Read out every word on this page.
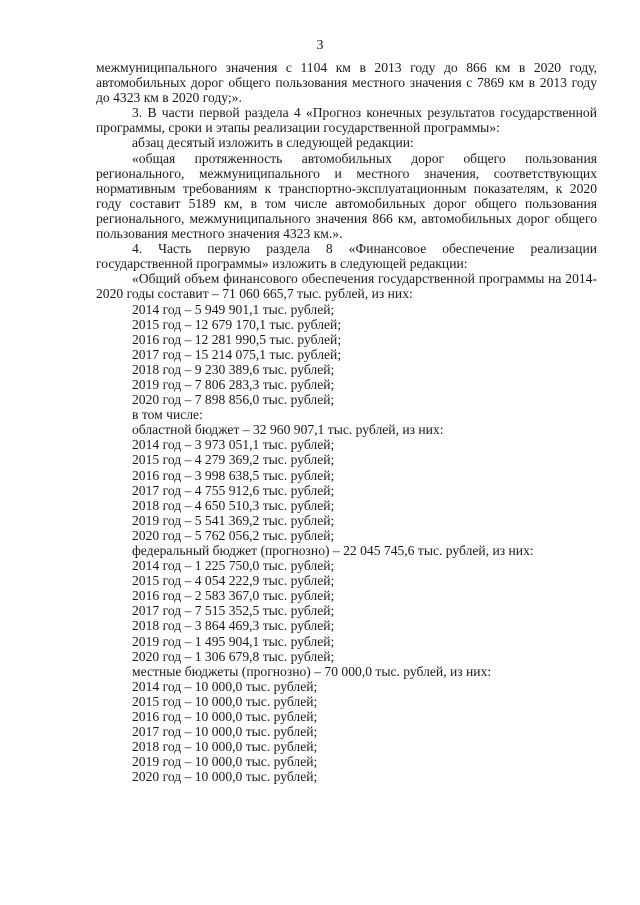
3

межмуниципального значения с 1104 км в 2013 году до 866 км в 2020 году, автомобильных дорог общего пользования местного значения с 7869 км в 2013 году до 4323 км в 2020 году;».

3. В части первой раздела 4 «Прогноз конечных результатов государственной программы, сроки и этапы реализации государственной программы»:

абзац десятый изложить в следующей редакции:

«общая протяженность автомобильных дорог общего пользования регионального, межмуниципального и местного значения, соответствующих нормативным требованиям к транспортно-эксплуатационным показателям, к 2020 году составит 5189 км, в том числе автомобильных дорог общего пользования регионального, межмуниципального значения 866 км, автомобильных дорог общего пользования местного значения 4323 км.».

4. Часть первую раздела 8 «Финансовое обеспечение реализации государственной программы» изложить в следующей редакции:

«Общий объем финансового обеспечения государственной программы на 2014-2020 годы составит – 71 060 665,7 тыс. рублей, из них:

2014 год – 5 949 901,1 тыс. рублей;

2015 год – 12 679 170,1 тыс. рублей;

2016 год – 12 281 990,5 тыс. рублей;

2017 год – 15 214 075,1 тыс. рублей;

2018 год – 9 230 389,6 тыс. рублей;

2019 год – 7 806 283,3 тыс. рублей;

2020 год – 7 898 856,0 тыс. рублей;

в том числе:

областной бюджет – 32 960 907,1 тыс. рублей, из них:

2014 год – 3 973 051,1 тыс. рублей;

2015 год – 4 279 369,2 тыс. рублей;

2016 год – 3 998 638,5 тыс. рублей;

2017 год – 4 755 912,6 тыс. рублей;

2018 год – 4 650 510,3 тыс. рублей;

2019 год – 5 541 369,2 тыс. рублей;

2020 год – 5 762 056,2 тыс. рублей;

федеральный бюджет (прогнозно) – 22 045 745,6 тыс. рублей, из них:

2014 год – 1 225 750,0 тыс. рублей;

2015 год – 4 054 222,9 тыс. рублей;

2016 год – 2 583 367,0 тыс. рублей;

2017 год – 7 515 352,5 тыс. рублей;

2018 год – 3 864 469,3 тыс. рублей;

2019 год – 1 495 904,1 тыс. рублей;

2020 год – 1 306 679,8 тыс. рублей;

местные бюджеты (прогнозно) – 70 000,0 тыс. рублей, из них:

2014 год – 10 000,0 тыс. рублей;

2015 год – 10 000,0 тыс. рублей;

2016 год – 10 000,0 тыс. рублей;

2017 год – 10 000,0 тыс. рублей;

2018 год – 10 000,0 тыс. рублей;

2019 год – 10 000,0 тыс. рублей;

2020 год – 10 000,0 тыс. рублей;
